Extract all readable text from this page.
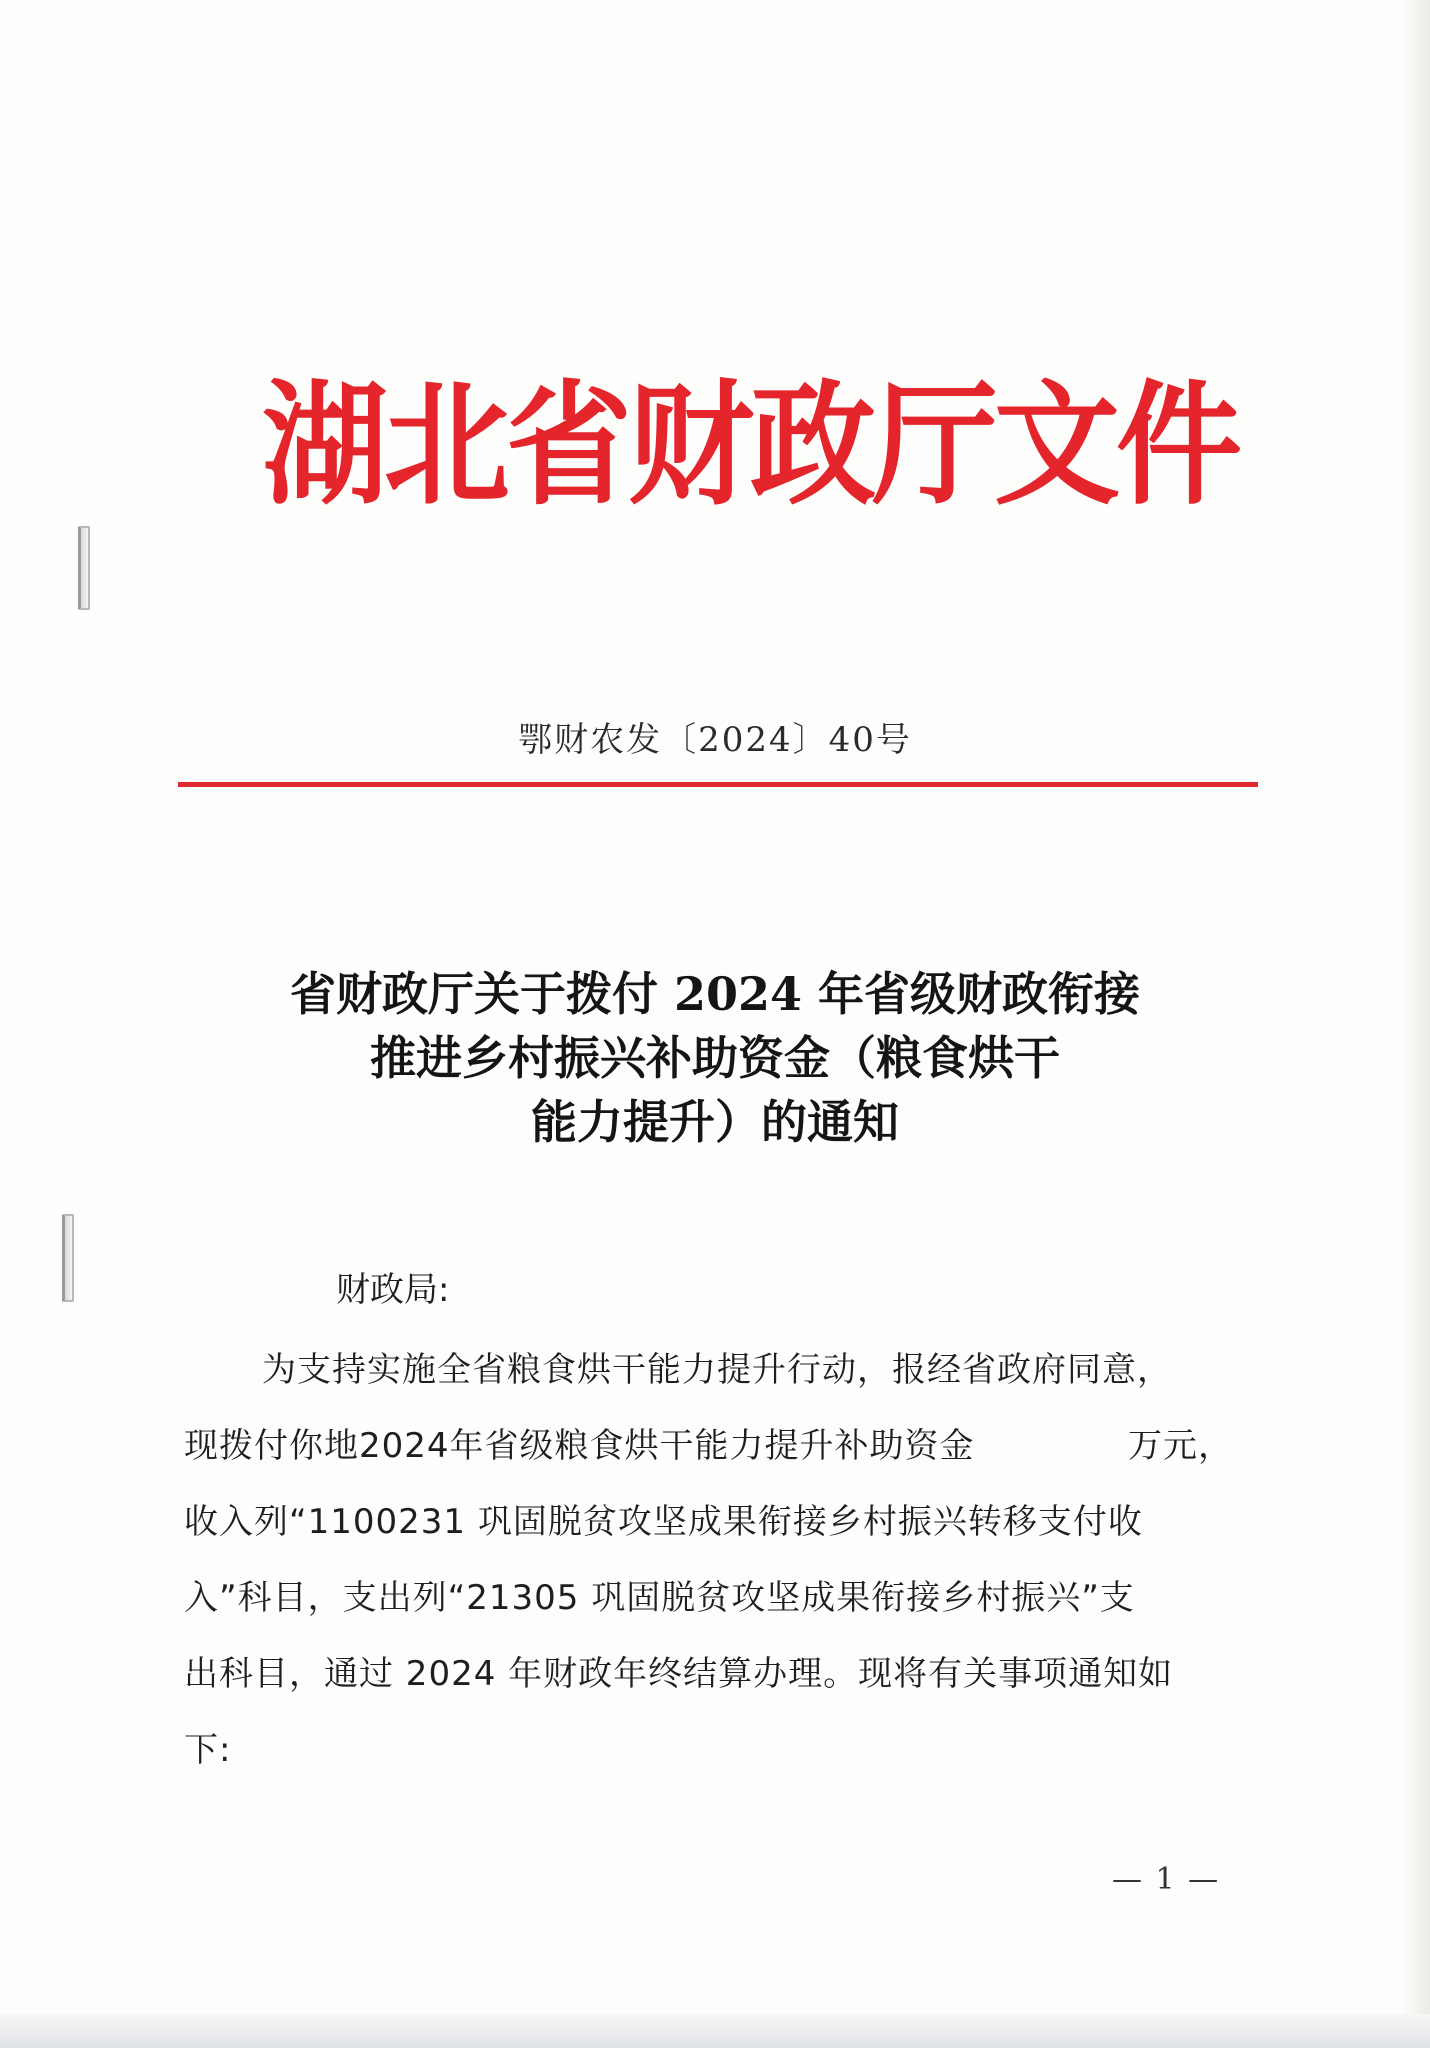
湖北省财政厅文件
鄂财农发〔2024〕40号
省财政厅关于拨付 2024 年省级财政衔接
推进乡村振兴补助资金（粮食烘干
能力提升）的通知
财政局:
为支持实施全省粮食烘干能力提升行动，报经省政府同意，
现拨付你地2024年省级粮食烘干能力提升补助资金	万元，
收入列“1100231 巩固脱贫攻坚成果衔接乡村振兴转移支付收
入”科目，支出列“21305 巩固脱贫攻坚成果衔接乡村振兴”支
出科目，通过 2024 年财政年终结算办理。现将有关事项通知如
下:
— 1 —
